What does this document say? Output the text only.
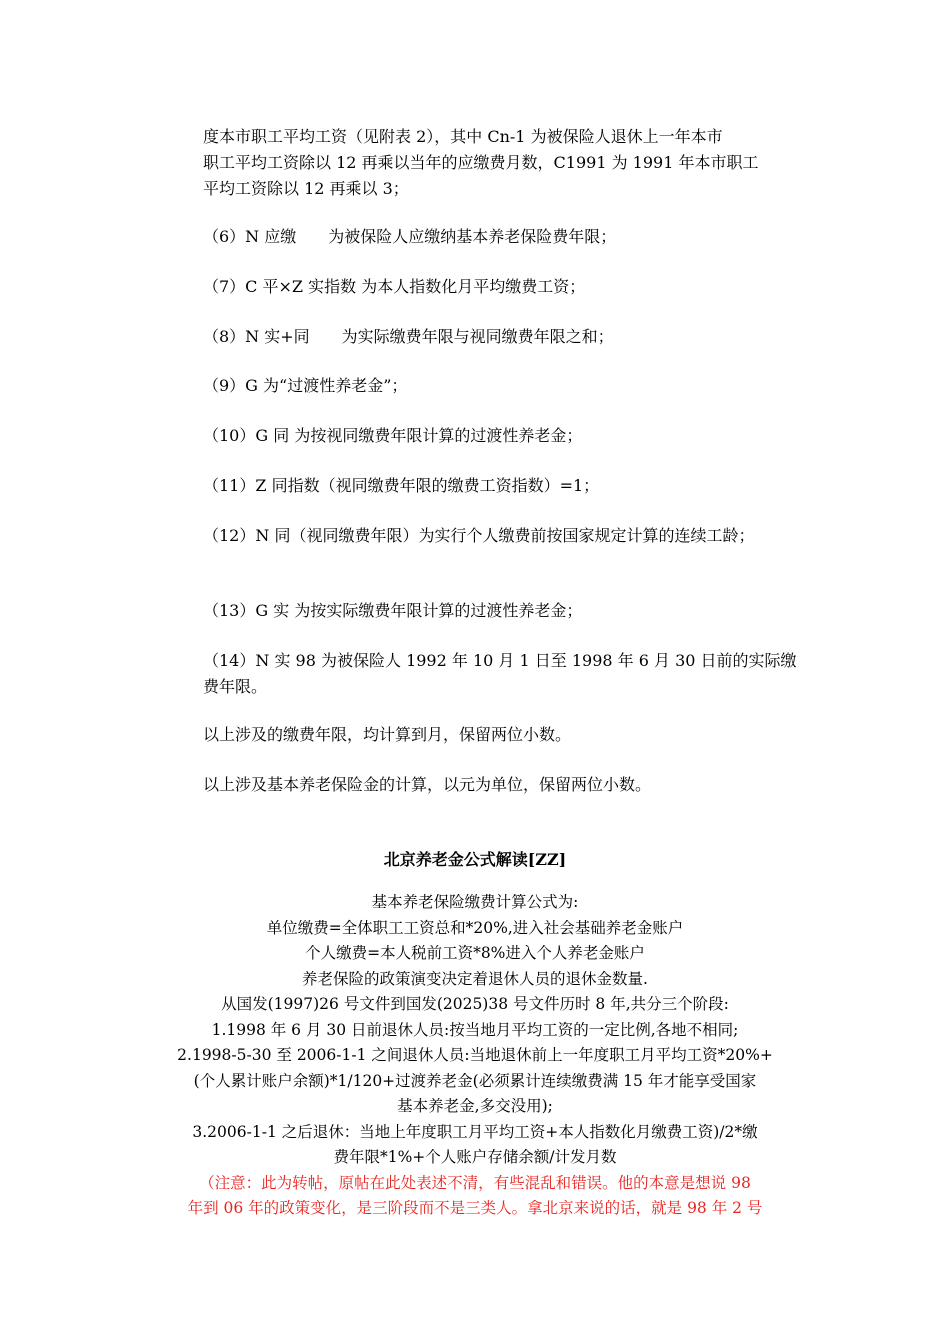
度本市职工平均工资（见附表 2），其中 Cn-1 为被保险人退休上一年本市
职工平均工资除以 12 再乘以当年的应缴费月数，C1991 为 1991 年本市职工
平均工资除以 12 再乘以 3；
（6）N 应缴　　为被保险人应缴纳基本养老保险费年限；
（7）C 平×Z 实指数 为本人指数化月平均缴费工资；
（8）N 实+同　　为实际缴费年限与视同缴费年限之和；
（9）G 为“过渡性养老金”；
（10）G 同 为按视同缴费年限计算的过渡性养老金；
（11）Z 同指数（视同缴费年限的缴费工资指数）=1；
（12）N 同（视同缴费年限）为实行个人缴费前按国家规定计算的连续工龄；
（13）G 实 为按实际缴费年限计算的过渡性养老金；
（14）N 实 98 为被保险人 1992 年 10 月 1 日至 1998 年 6 月 30 日前的实际缴
费年限。
以上涉及的缴费年限，均计算到月，保留两位小数。
以上涉及基本养老保险金的计算，以元为单位，保留两位小数。
北京养老金公式解读[ZZ]
基本养老保险缴费计算公式为:
单位缴费=全体职工工资总和*20%,进入社会基础养老金账户
个人缴费=本人税前工资*8%进入个人养老金账户
养老保险的政策演变决定着退休人员的退休金数量.
从国发(1997)26 号文件到国发(2025)38 号文件历时 8 年,共分三个阶段:
1.1998 年 6 月 30 日前退休人员:按当地月平均工资的一定比例,各地不相同;
2.1998-5-30 至 2006-1-1 之间退休人员:当地退休前上一年度职工月平均工资*20%+
(个人累计账户余额)*1/120+过渡养老金(必须累计连续缴费满 15 年才能享受国家
基本养老金,多交没用);
3.2006-1-1 之后退休：当地上年度职工月平均工资+本人指数化月缴费工资)/2*缴
费年限*1%+个人账户存储余额/计发月数
（注意：此为转帖，原帖在此处表述不清，有些混乱和错误。他的本意是想说 98
年到 06 年的政策变化，是三阶段而不是三类人。拿北京来说的话，就是 98 年 2 号
